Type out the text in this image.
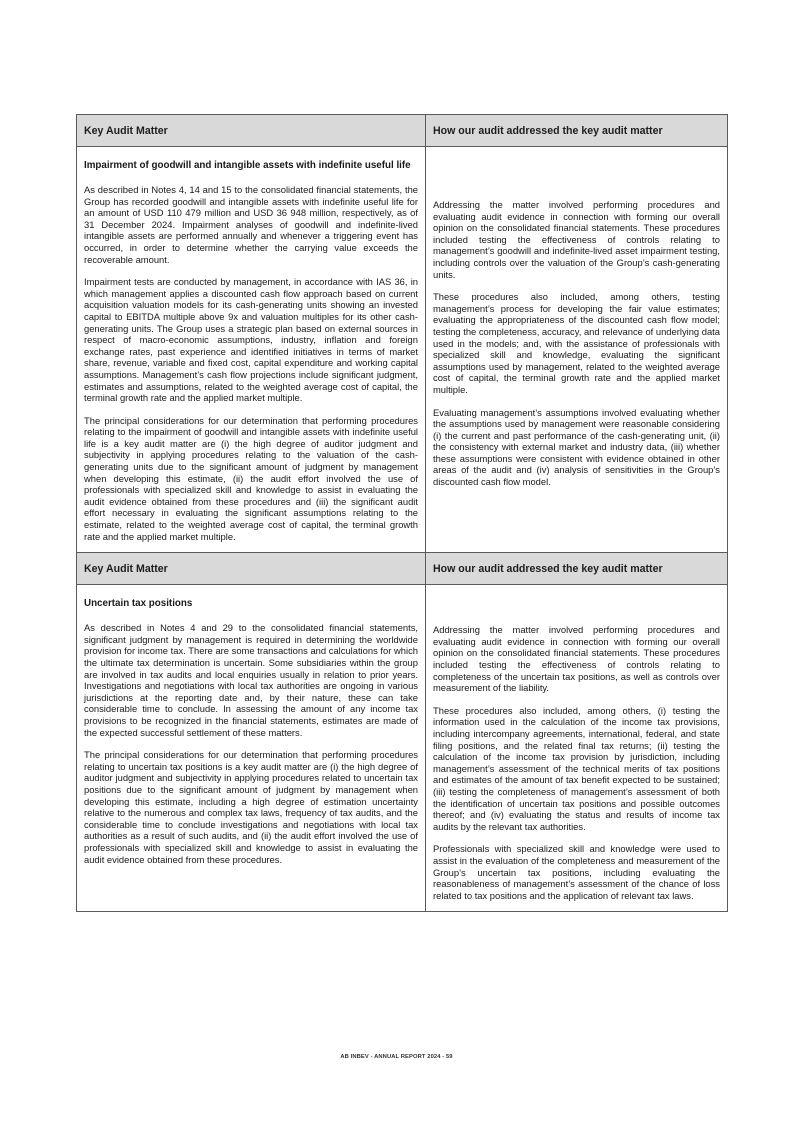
Key Audit Matter	How our audit addressed the key audit matter
Impairment of goodwill and intangible assets with indefinite useful life

As described in Notes 4, 14 and 15 to the consolidated financial statements, the Group has recorded goodwill and intangible assets with indefinite useful life for an amount of USD 110 479 million and USD 36 948 million, respectively, as of 31 December 2024. Impairment analyses of goodwill and indefinite-lived intangible assets are performed annually and whenever a triggering event has occurred, in order to determine whether the carrying value exceeds the recoverable amount.

Impairment tests are conducted by management, in accordance with IAS 36, in which management applies a discounted cash flow approach based on current acquisition valuation models for its cash-generating units showing an invested capital to EBITDA multiple above 9x and valuation multiples for its other cash-generating units. The Group uses a strategic plan based on external sources in respect of macro-economic assumptions, industry, inflation and foreign exchange rates, past experience and identified initiatives in terms of market share, revenue, variable and fixed cost, capital expenditure and working capital assumptions. Management’s cash flow projections include significant judgment, estimates and assumptions, related to the weighted average cost of capital, the terminal growth rate and the applied market multiple.

The principal considerations for our determination that performing procedures relating to the impairment of goodwill and intangible assets with indefinite useful life is a key audit matter are (i) the high degree of auditor judgment and subjectivity in applying procedures relating to the valuation of the cash-generating units due to the significant amount of judgment by management when developing this estimate, (ii) the audit effort involved the use of professionals with specialized skill and knowledge to assist in evaluating the audit evidence obtained from these procedures and (iii) the significant audit effort necessary in evaluating the significant assumptions relating to the estimate, related to the weighted average cost of capital, the terminal growth rate and the applied market multiple.

Addressing the matter involved performing procedures and evaluating audit evidence in connection with forming our overall opinion on the consolidated financial statements. These procedures included testing the effectiveness of controls relating to management’s goodwill and indefinite-lived asset impairment testing, including controls over the valuation of the Group’s cash-generating units.

These procedures also included, among others, testing management’s process for developing the fair value estimates; evaluating the appropriateness of the discounted cash flow model; testing the completeness, accuracy, and relevance of underlying data used in the models; and, with the assistance of professionals with specialized skill and knowledge, evaluating the significant assumptions used by management, related to the weighted average cost of capital, the terminal growth rate and the applied market multiple.

Evaluating management’s assumptions involved evaluating whether the assumptions used by management were reasonable considering (i) the current and past performance of the cash-generating unit, (ii) the consistency with external market and industry data, (iii) whether these assumptions were consistent with evidence obtained in other areas of the audit and (iv) analysis of sensitivities in the Group’s discounted cash flow model.

Key Audit Matter	How our audit addressed the key audit matter
Uncertain tax positions

As described in Notes 4 and 29 to the consolidated financial statements, significant judgment by management is required in determining the worldwide provision for income tax. There are some transactions and calculations for which the ultimate tax determination is uncertain. Some subsidiaries within the group are involved in tax audits and local enquiries usually in relation to prior years. Investigations and negotiations with local tax authorities are ongoing in various jurisdictions at the reporting date and, by their nature, these can take considerable time to conclude. In assessing the amount of any income tax provisions to be recognized in the financial statements, estimates are made of the expected successful settlement of these matters.

The principal considerations for our determination that performing procedures relating to uncertain tax positions is a key audit matter are (i) the high degree of auditor judgment and subjectivity in applying procedures related to uncertain tax positions due to the significant amount of judgment by management when developing this estimate, including a high degree of estimation uncertainty relative to the numerous and complex tax laws, frequency of tax audits, and the considerable time to conclude investigations and negotiations with local tax authorities as a result of such audits, and (ii) the audit effort involved the use of professionals with specialized skill and knowledge to assist in evaluating the audit evidence obtained from these procedures.

Addressing the matter involved performing procedures and evaluating audit evidence in connection with forming our overall opinion on the consolidated financial statements. These procedures included testing the effectiveness of controls relating to completeness of the uncertain tax positions, as well as controls over measurement of the liability.

These procedures also included, among others, (i) testing the information used in the calculation of the income tax provisions, including intercompany agreements, international, federal, and state filing positions, and the related final tax returns; (ii) testing the calculation of the income tax provision by jurisdiction, including management’s assessment of the technical merits of tax positions and estimates of the amount of tax benefit expected to be sustained; (iii) testing the completeness of management’s assessment of both the identification of uncertain tax positions and possible outcomes thereof; and (iv) evaluating the status and results of income tax audits by the relevant tax authorities.

Professionals with specialized skill and knowledge were used to assist in the evaluation of the completeness and measurement of the Group’s uncertain tax positions, including evaluating the reasonableness of management’s assessment of the chance of loss related to tax positions and the application of relevant tax laws.

AB INBEV - ANNUAL REPORT 2024 - 59
